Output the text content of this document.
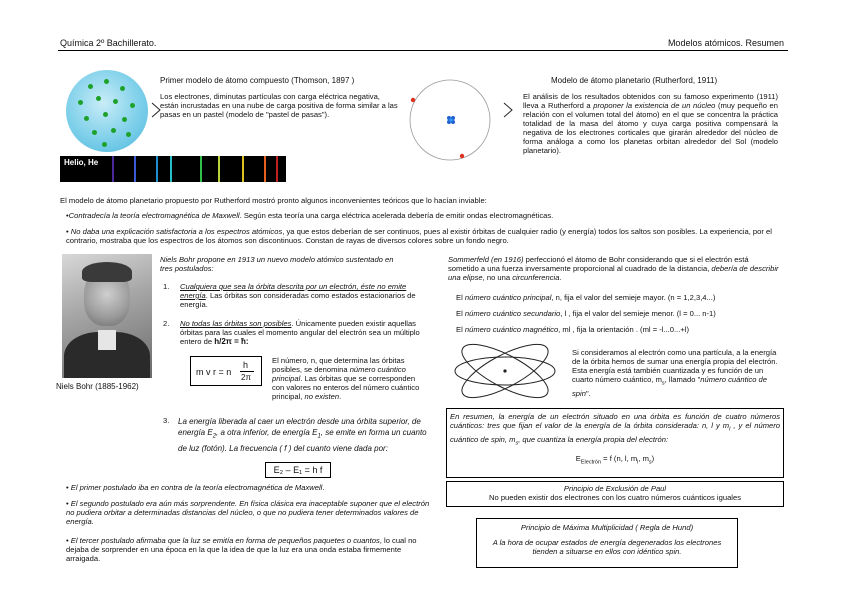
Química 2º Bachillerato.	Modelos atómicos. Resumen
Primer modelo de átomo compuesto (Thomson, 1897 )
Los electrones, diminutas partículas con carga eléctrica negativa, están incrustadas en una nube de carga positiva de forma similar a las pasas en un pastel (modelo de "pastel de pasas").
Helio, He
Modelo de átomo planetario (Rutherford, 1911)
El análisis de los resultados obtenidos con su famoso experimento (1911) lleva a Rutherford a proponer la existencia de un núcleo (muy pequeño en relación con el volumen total del átomo) en el que se concentra la práctica totalidad de la masa del átomo y cuya carga positiva compensará la negativa de los electrones corticales que girarán alrededor del núcleo de forma análoga a como los planetas orbitan alrededor del Sol (modelo planetario).
El modelo de átomo planetario propuesto por Rutherford mostró pronto algunos inconvenientes teóricos que lo hacían inviable:
•Contradecía la teoría electromagnética de Maxwell. Según esta teoría una carga eléctrica acelerada debería de emitir ondas electromagnéticas.
• No daba una explicación satisfactoria a los espectros atómicos, ya que estos deberían de ser continuos, pues al existir órbitas de cualquier radio (y energía) todos los saltos son posibles. La experiencia, por el contrario, mostraba que los espectros de los átomos son discontinuos. Constan de rayas de diversos colores sobre un fondo negro.
Niels Bohr (1885-1962)
Niels Bohr propone en 1913 un nuevo modelo atómico sustentado en tres postulados:
1. Cualquiera que sea la órbita descrita por un electrón, éste no emite energía. Las órbitas son consideradas como estados estacionarios de energía.
2. No todas las órbitas son posibles. Únicamente pueden existir aquellas órbitas para las cuales el momento angular del electrón sea un múltiplo entero de h/2π = ħ:
m v r = n
h
2π
El número, n, que determina las órbitas posibles, se denomina número cuántico principal. Las órbitas que se corresponden con valores no enteros del número cuántico principal, no existen.
3. La energía liberada al caer un electrón desde una órbita superior, de energía $E_2$, a otra inferior, de energía $E_1$, se emite en forma un cuanto de luz (fotón). La frecuencia ( f ) del cuanto viene dada por:
E₂ – E₁ = h f
• El primer postulado iba en contra de la teoría electromagnética de Maxwell.
• El segundo postulado era aún más sorprendente. En física clásica era inaceptable suponer que el electrón no pudiera orbitar a determinadas distancias del núcleo, o que no pudiera tener determinados valores de energía.
• El tercer postulado afirmaba que la luz se emitía en forma de pequeños paquetes o cuantos, lo cual no dejaba de sorprender en una época en la que la idea de que la luz era una onda estaba firmemente arraigada.
Sommerfeld (en 1916) perfeccionó el átomo de Bohr considerando que si el electrón está sometido a una fuerza inversamente proporcional al cuadrado de la distancia, debería de describir una elipse, no una circunferencia.
El número cuántico principal, n, fija el valor del semieje mayor. (n = 1,2,3,4...)
El número cuántico secundario, l , fija el valor del semieje menor. (l = 0... n-1)
El número cuántico magnético, ml , fija la orientación . (ml = -l...0...+l)
Si consideramos al electrón como una partícula, a la energía de la órbita hemos de sumar una energía propia del electrón. Esta energía está también cuantizada y es función de un cuarto número cuántico, $m_s$, llamado "número cuántico de spin".
En resumen, la energía de un electrón situado en una órbita es función de cuatro números cuánticos: tres que fijan el valor de la energía de la órbita considerada: n, l y $m_l$ , y el número cuántico de spin, $m_s$, que cuantiza la energía propia del electrón:
$E_{Electrón} = f$ (n, l, $m_l$, $m_s$)
Principio de Exclusión de Paul
No pueden existir dos electrones con los cuatro números cuánticos iguales
Principio de Máxima Multiplicidad ( Regla de Hund)
A la hora de ocupar estados de energía degenerados los electrones tienden a situarse en ellos con idéntico spin.
